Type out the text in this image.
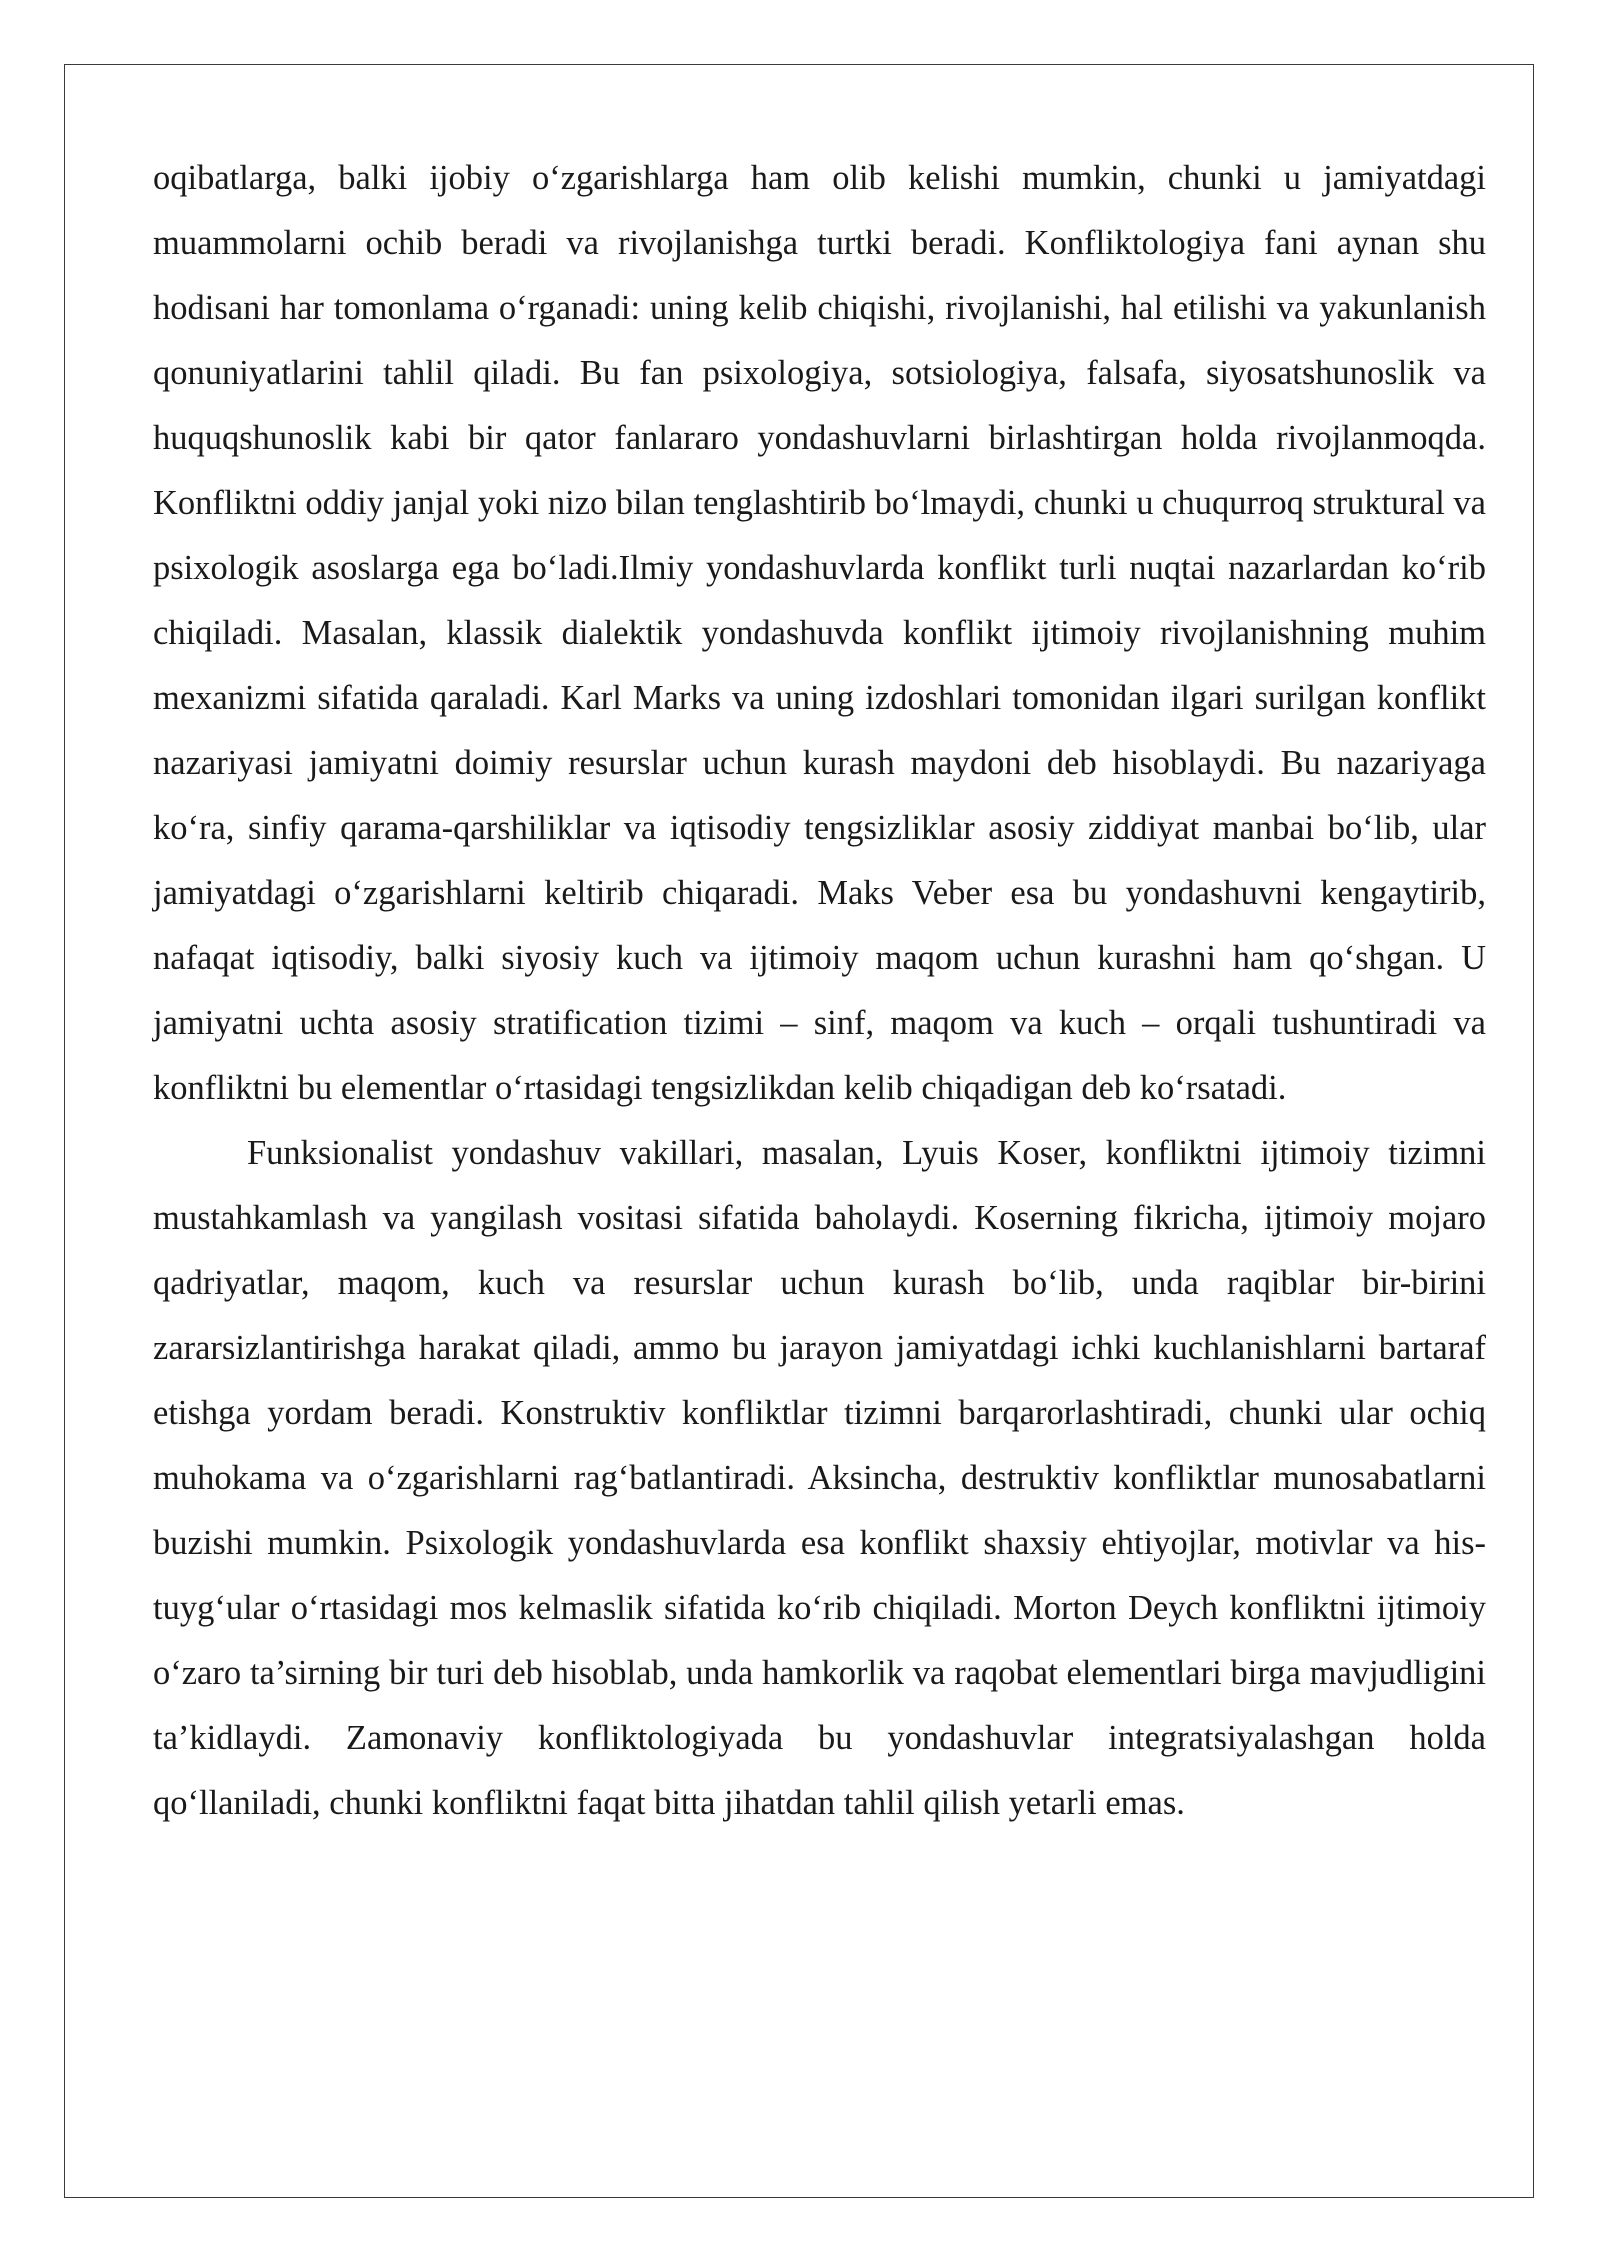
oqibatlarga, balki ijobiy o‘zgarishlarga ham olib kelishi mumkin, chunki u jamiyatdagi muammolarni ochib beradi va rivojlanishga turtki beradi. Konfliktologiya fani aynan shu hodisani har tomonlama o‘rganadi: uning kelib chiqishi, rivojlanishi, hal etilishi va yakunlanish qonuniyatlarini tahlil qiladi. Bu fan psixologiya, sotsiologiya, falsafa, siyosatshunoslik va huquqshunoslik kabi bir qator fanlararo yondashuvlarni birlashtirgan holda rivojlanmoqda. Konfliktni oddiy janjal yoki nizo bilan tenglashtirib bo‘lmaydi, chunki u chuqurroq struktural va psixologik asoslarga ega bo‘ladi.Ilmiy yondashuvlarda konflikt turli nuqtai nazarlardan ko‘rib chiqiladi. Masalan, klassik dialektik yondashuvda konflikt ijtimoiy rivojlanishning muhim mexanizmi sifatida qaraladi. Karl Marks va uning izdoshlari tomonidan ilgari surilgan konflikt nazariyasi jamiyatni doimiy resurslar uchun kurash maydoni deb hisoblaydi. Bu nazariyaga ko‘ra, sinfiy qarama-qarshiliklar va iqtisodiy tengsizliklar asosiy ziddiyat manbai bo‘lib, ular jamiyatdagi o‘zgarishlarni keltirib chiqaradi. Maks Veber esa bu yondashuvni kengaytirib, nafaqat iqtisodiy, balki siyosiy kuch va ijtimoiy maqom uchun kurashni ham qo‘shgan. U jamiyatni uchta asosiy stratification tizimi – sinf, maqom va kuch – orqali tushuntiradi va konfliktni bu elementlar o‘rtasidagi tengsizlikdan kelib chiqadigan deb ko‘rsatadi.

Funksionalist yondashuv vakillari, masalan, Lyuis Koser, konfliktni ijtimoiy tizimni mustahkamlash va yangilash vositasi sifatida baholaydi. Koserning fikricha, ijtimoiy mojaro qadriyatlar, maqom, kuch va resurslar uchun kurash bo‘lib, unda raqiblar bir-birini zararsizlantirishga harakat qiladi, ammo bu jarayon jamiyatdagi ichki kuchlanishlarni bartaraf etishga yordam beradi. Konstruktiv konfliktlar tizimni barqarorlashtiradi, chunki ular ochiq muhokama va o‘zgarishlarni rag‘batlantiradi. Aksincha, destruktiv konfliktlar munosabatlarni buzishi mumkin. Psixologik yondashuvlarda esa konflikt shaxsiy ehtiyojlar, motivlar va his-tuyg‘ular o‘rtasidagi mos kelmaslik sifatida ko‘rib chiqiladi. Morton Deych konfliktni ijtimoiy o‘zaro ta’sirning bir turi deb hisoblab, unda hamkorlik va raqobat elementlari birga mavjudligini ta’kidlaydi. Zamonaviy konfliktologiyada bu yondashuvlar integratsiyalashgan holda qo‘llaniladi, chunki konfliktni faqat bitta jihatdan tahlil qilish yetarli emas.
